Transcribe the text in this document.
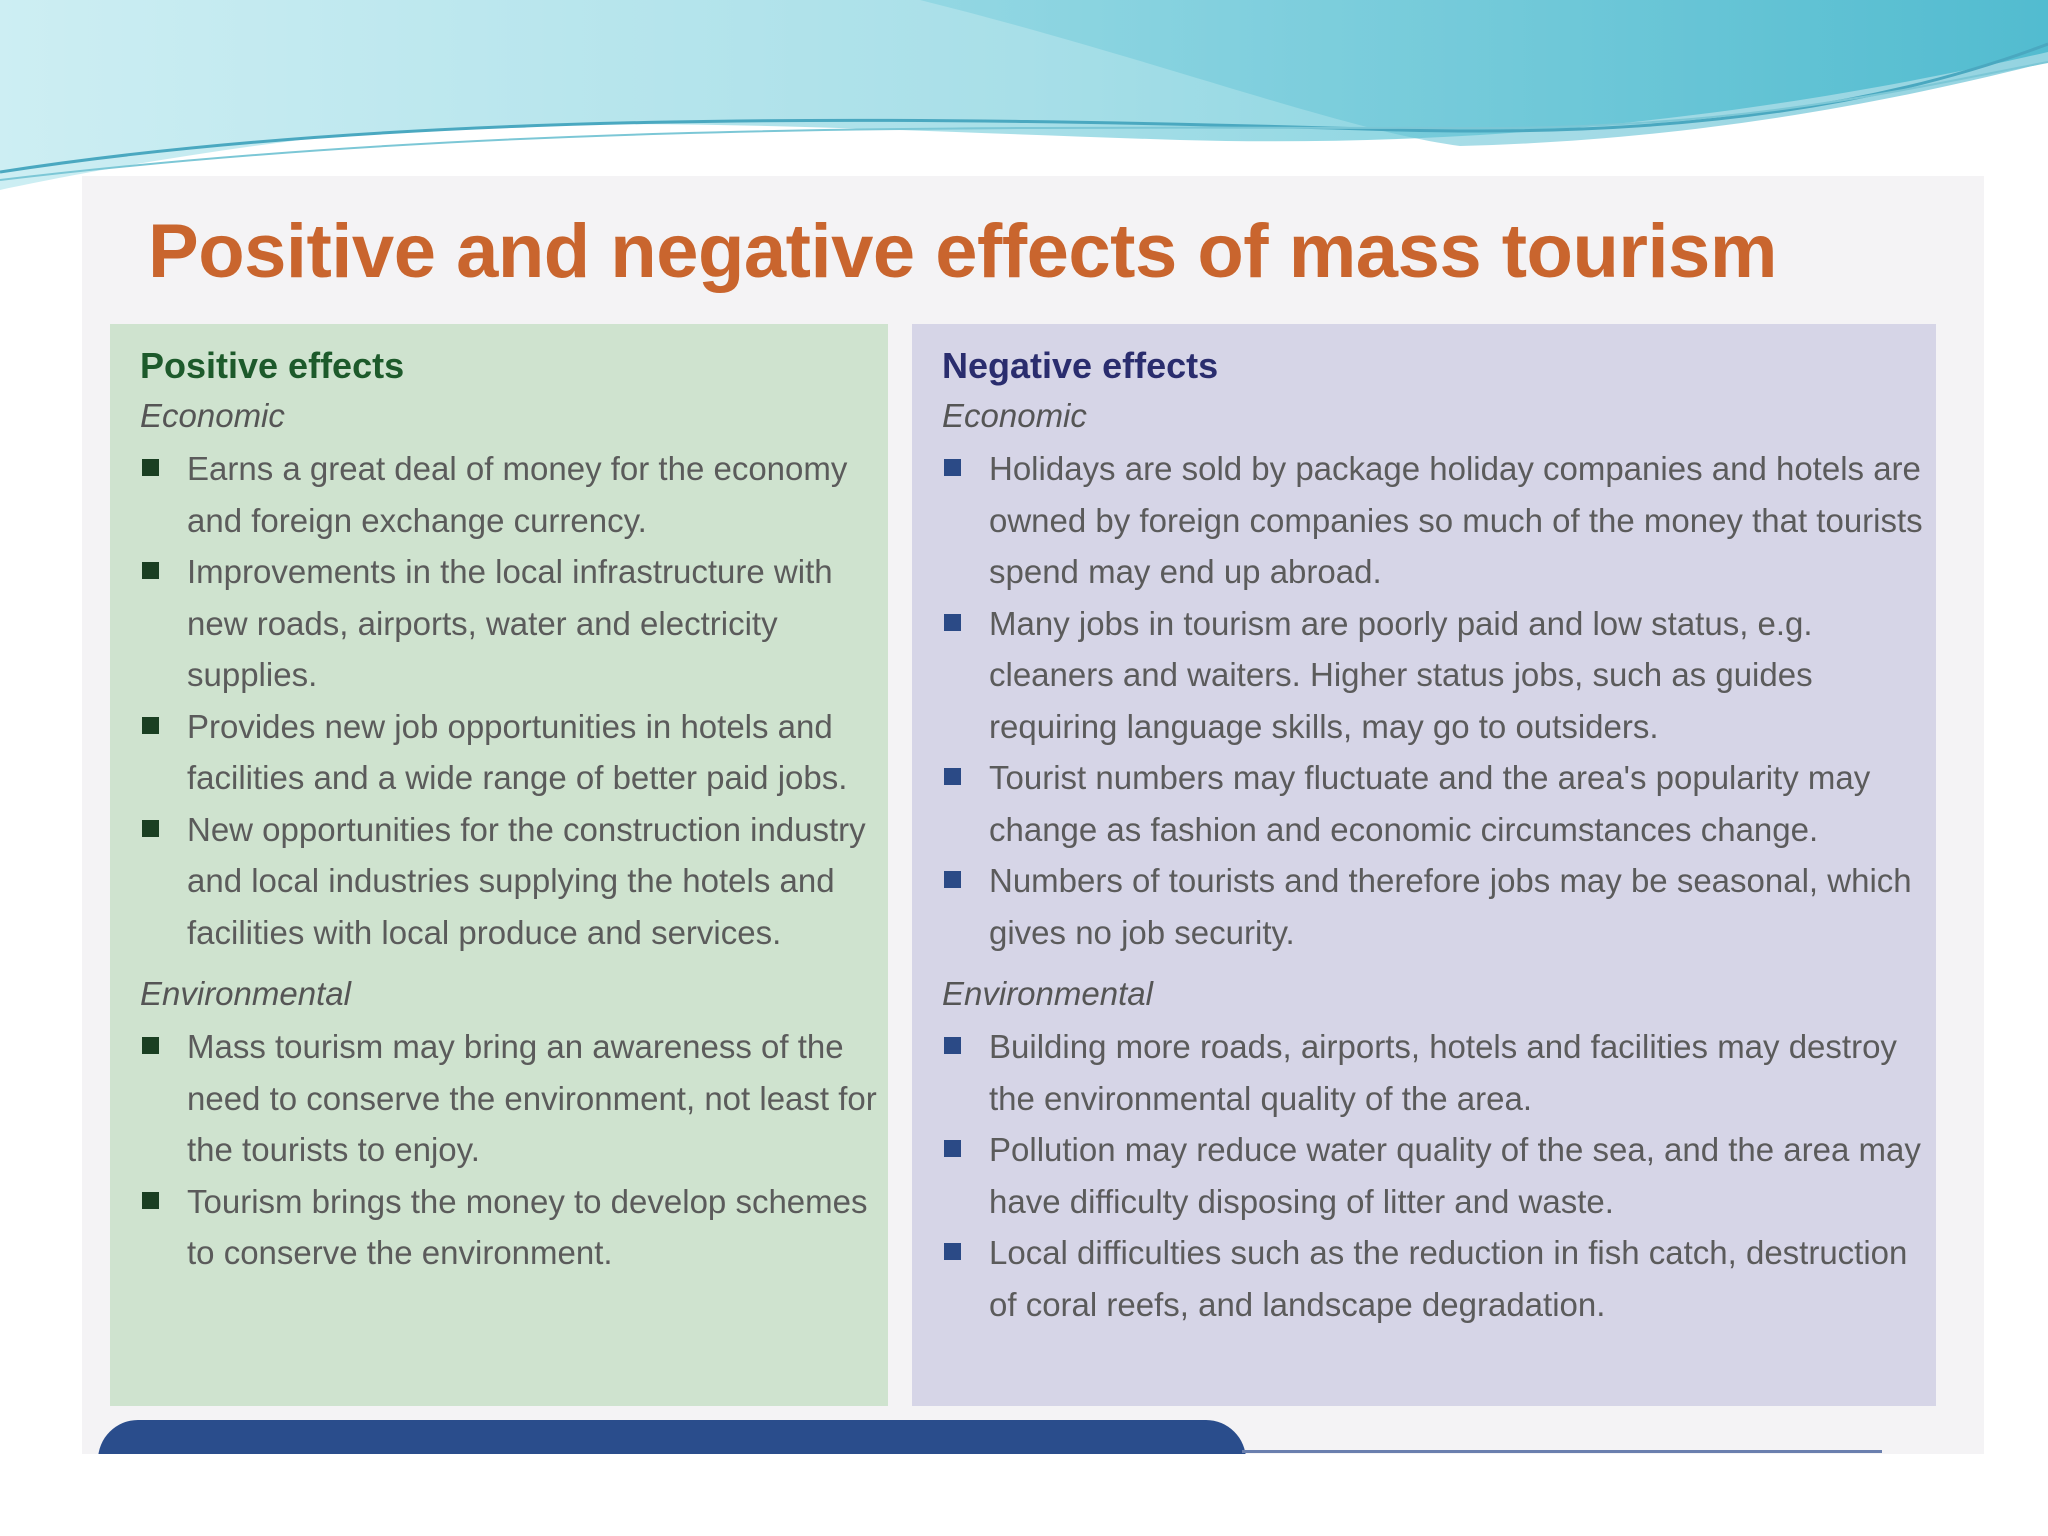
Positive and negative effects of mass tourism
Positive effects
Economic
Earns a great deal of money for the economy and foreign exchange currency.
Improvements in the local infrastructure with new roads, airports, water and electricity supplies.
Provides new job opportunities in hotels and facilities and a wide range of better paid jobs.
New opportunities for the construction industry and local industries supplying the hotels and facilities with local produce and services.
Environmental
Mass tourism may bring an awareness of the need to conserve the environment, not least for the tourists to enjoy.
Tourism brings the money to develop schemes to conserve the environment.
Negative effects
Economic
Holidays are sold by package holiday companies and hotels are owned by foreign companies so much of the money that tourists spend may end up abroad.
Many jobs in tourism are poorly paid and low status, e.g. cleaners and waiters. Higher status jobs, such as guides requiring language skills, may go to outsiders.
Tourist numbers may fluctuate and the area's popularity may change as fashion and economic circumstances change.
Numbers of tourists and therefore jobs may be seasonal, which gives no job security.
Environmental
Building more roads, airports, hotels and facilities may destroy the environmental quality of the area.
Pollution may reduce water quality of the sea, and the area may have difficulty disposing of litter and waste.
Local difficulties such as the reduction in fish catch, destruction of coral reefs, and landscape degradation.
